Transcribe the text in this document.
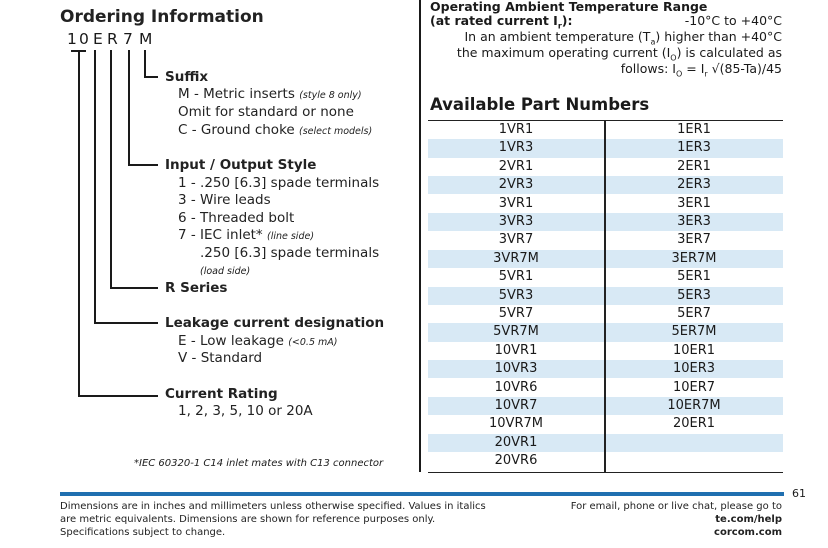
Ordering Information
1 0 E R 7 M
Suffix
M - Metric inserts (style 8 only)
Omit for standard or none
C - Ground choke (select models)
Input / Output Style
1 - .250 [6.3] spade terminals
3 - Wire leads
6 - Threaded bolt
7 - IEC inlet* (line side)
.250 [6.3] spade terminals
(load side)
R Series
Leakage current designation
E - Low leakage (<0.5 mA)
V - Standard
Current Rating
1, 2, 3, 5, 10 or 20A
*IEC 60320-1 C14 inlet mates with C13 connector
Operating Ambient Temperature Range
(at rated current $I_r$):	-10°C to +40°C
In an ambient temperature $(T_a)$ higher than +40°C
the maximum operating current $(I_O)$ is calculated as
follows: $I_O = I_r$ √(85-Ta)/45
Available Part Numbers
20VR6
20VR1
10VR7M	20ER1
10VR7	10ER7M
10VR6	10ER7
10VR3	10ER3
10VR1	10ER1
5VR7M	5ER7M
5VR7	5ER7
5VR3	5ER3
5VR1	5ER1
3VR7M	3ER7M
3VR7	3ER7
3VR3	3ER3
3VR1	3ER1
2VR3	2ER3
2VR1	2ER1
1VR3	1ER3
1VR1	1ER1
61
Dimensions are in inches and millimeters unless otherwise specified. Values in italics
are metric equivalents. Dimensions are shown for reference purposes only.
Specifications subject to change.
For email, phone or live chat, please go to
te.com/help
corcom.com
